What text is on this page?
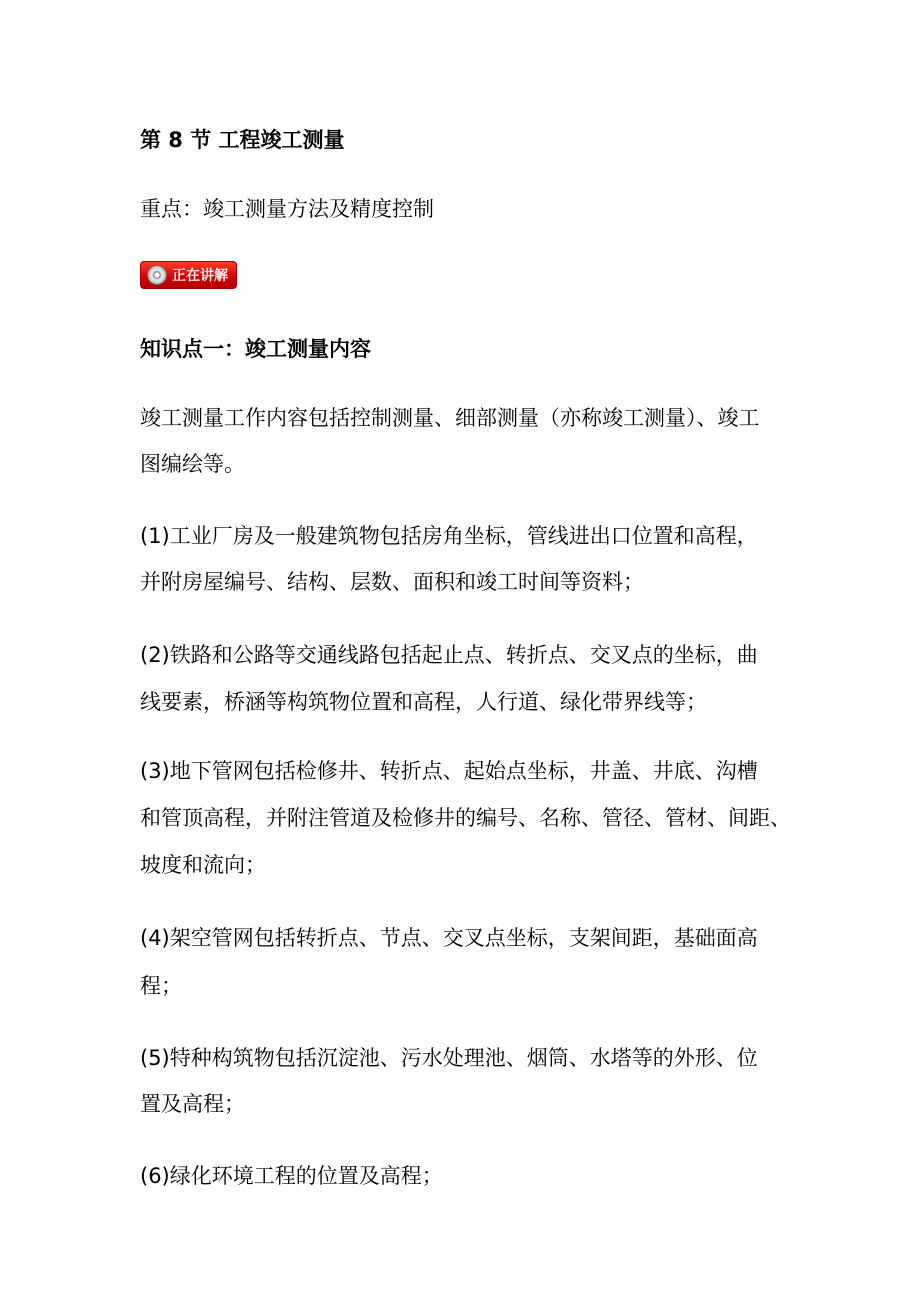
第 8 节 工程竣工测量
重点：竣工测量方法及精度控制
正在讲解
知识点一：竣工测量内容
竣工测量工作内容包括控制测量、细部测量（亦称竣工测量）、竣工
图编绘等。
(1)工业厂房及一般建筑物包括房角坐标，管线进出口位置和高程，
并附房屋编号、结构、层数、面积和竣工时间等资料；
(2)铁路和公路等交通线路包括起止点、转折点、交叉点的坐标，曲
线要素，桥涵等构筑物位置和高程，人行道、绿化带界线等；
(3)地下管网包括检修井、转折点、起始点坐标，井盖、井底、沟槽
和管顶高程，并附注管道及检修井的编号、名称、管径、管材、间距、
坡度和流向；
(4)架空管网包括转折点、节点、交叉点坐标，支架间距，基础面高
程；
(5)特种构筑物包括沉淀池、污水处理池、烟筒、水塔等的外形、位
置及高程；
(6)绿化环境工程的位置及高程；
